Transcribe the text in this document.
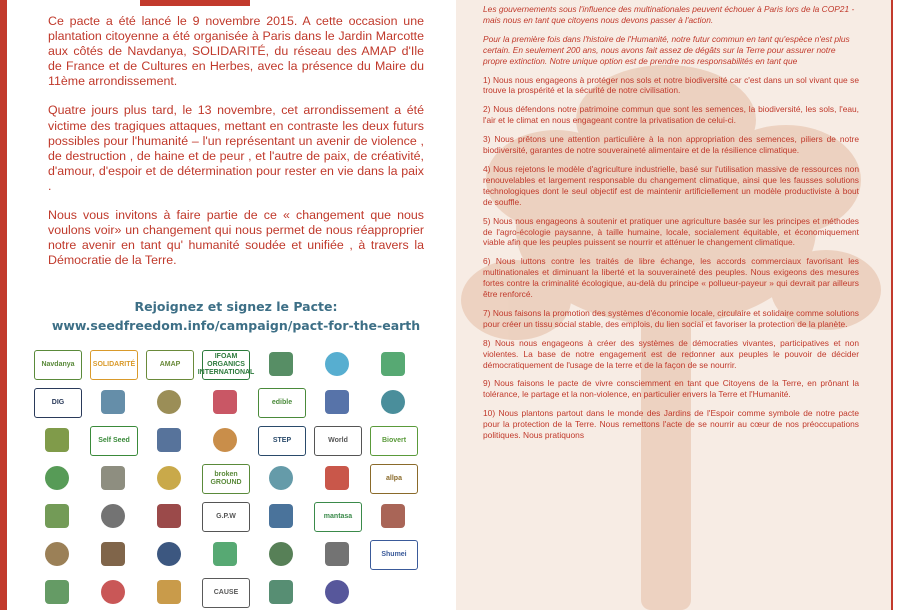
Ce pacte a été lancé le 9 novembre 2015. A cette occasion une plantation citoyenne a été organisée à Paris dans le Jardin Marcotte aux côtés de Navdanya, SOLIDARITÉ, du réseau des AMAP d'Ile de France et de Cultures en Herbes, avec la présence du Maire du 11ème arrondissement.

Quatre jours plus tard, le 13 novembre, cet arrondissement a été victime des tragiques attaques, mettant en contraste les deux futurs possibles pour l'humanité – l'un représentant un avenir de violence , de destruction , de haine et de peur , et l'autre de paix, de créativité, d'amour, d'espoir et de détermination pour rester en vie dans la paix .

Nous vous invitons à faire partie de ce « changement que nous voulons voir» un changement qui nous permet de nous réapproprier notre avenir en tant qu' humanité soudée et unifiée , à travers la Démocratie de la Terre.

Rejoignez et signez le Pacte:
www.seedfreedom.info/campaign/pact-for-the-earth
Navdanya	SOLIDARITÉ	AMAP
IFOAM ORGANICS INTERNATIONAL
DIG	edible
Self Seed	STEP	World	Biovert
broken GROUND
allpa
G.P.W	mantasa
Shumei
CAUSE

Les gouvernements sous l'influence des multinationales peuvent échouer à Paris lors de la COP21 - mais nous en tant que citoyens nous devons passer à l'action.

Pour la première fois dans l'histoire de l'Humanité, notre futur commun en tant qu'espèce n'est plus certain. En seulement 200 ans, nous avons fait assez de dégâts sur la Terre pour assurer notre propre extinction. Notre unique option est de prendre nos responsabilités en tant que

1) Nous nous engageons à protéger nos sols et notre biodiversité car c'est dans un sol vivant que se trouve la prospérité et la sécurité de notre civilisation.

2) Nous défendons notre patrimoine commun que sont les semences, la biodiversité, les sols, l'eau, l'air et le climat en nous engageant contre la privatisation de celui-ci.

3) Nous prêtons une attention particulière à la non appropriation des semences, piliers de notre biodiversité, garantes de notre souveraineté alimentaire et de la résilience climatique.

4) Nous rejetons le modèle d'agriculture industrielle, basé sur l'utilisation massive de ressources non renouvelables et largement responsable du changement climatique, ainsi que les fausses solutions technologiques dont le seul objectif est de maintenir artificiellement un modèle productiviste à bout de souffle.

5) Nous nous engageons à soutenir et pratiquer une agriculture basée sur les principes et méthodes de l'agro-écologie paysanne, à taille humaine, locale, socialement équitable, et économiquement viable afin que les peuples puissent se nourrir et atténuer le changement climatique.

6) Nous luttons contre les traités de libre échange, les accords commerciaux favorisant les multinationales et diminuant la liberté et la souveraineté des peuples. Nous exigeons des mesures fortes contre la criminalité écologique, au-delà du principe « pollueur-payeur » qui devrait par ailleurs être renforcé.

7) Nous faisons la promotion des systèmes d'économie locale, circulaire et solidaire comme solutions pour créer un tissu social stable, des emplois, du lien social et favoriser la protection de la planète.

8) Nous nous engageons à créer des systèmes de démocraties vivantes, participatives et non violentes. La base de notre engagement est de redonner aux peuples le pouvoir de décider démocratiquement de l'usage de la terre et de la façon de se nourrir.

9) Nous faisons le pacte de vivre consciemment en tant que Citoyens de la Terre, en prônant la tolérance, le partage et la non-violence, en particulier envers la Terre et l'Humanité.

10) Nous plantons partout dans le monde des Jardins de l'Espoir comme symbole de notre pacte pour la protection de la Terre. Nous remettons l'acte de se nourrir au cœur de nos préoccupations politiques. Nous pratiquons
